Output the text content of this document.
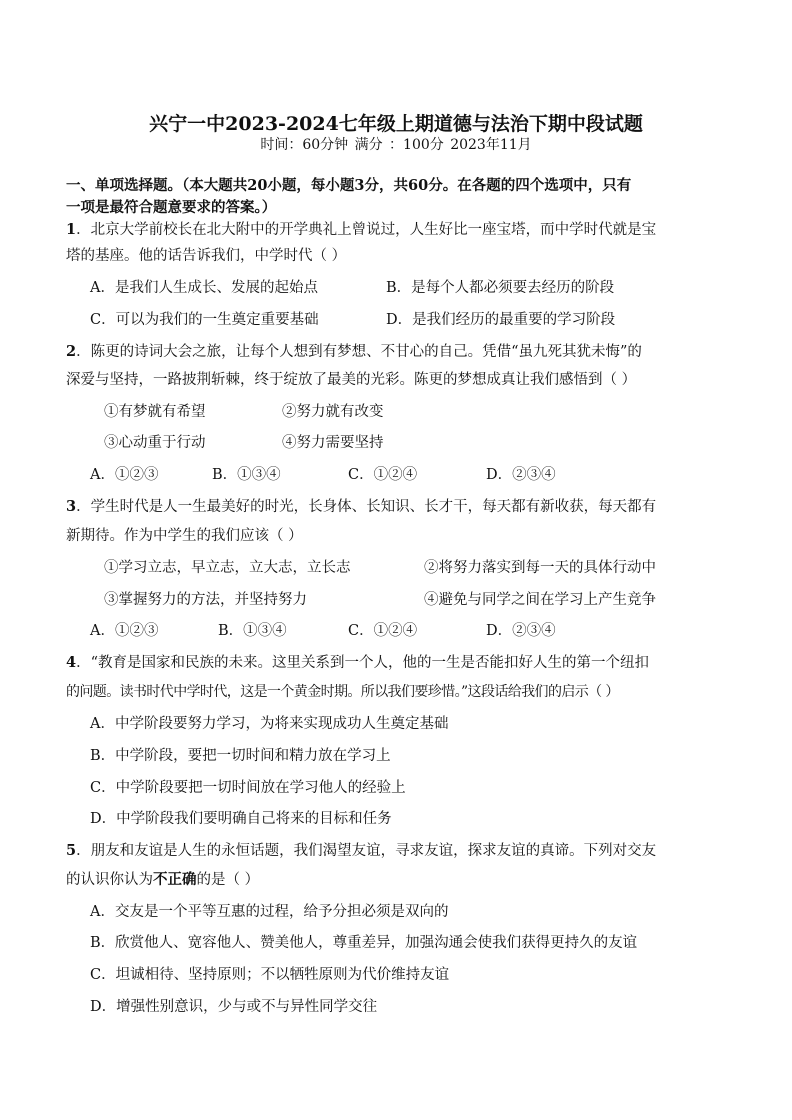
兴宁一中2023-2024七年级上期道德与法治下期中段试题
时间：60分钟 满分 ：100分 2023年11月
一、单项选择题。（本大题共20小题，每小题3分，共60分。在各题的四个选项中，只有
一项是最符合题意要求的答案。）
1．北京大学前校长在北大附中的开学典礼上曾说过，人生好比一座宝塔，而中学时代就是宝
塔的基座。他的话告诉我们，中学时代（ ）
A．是我们人生成长、发展的起始点	B．是每个人都必须要去经历的阶段
C．可以为我们的一生奠定重要基础	D．是我们经历的最重要的学习阶段
2．陈更的诗词大会之旅，让每个人想到有梦想、不甘心的自己。凭借“虽九死其犹未悔”的
深爱与坚持，一路披荆斩棘，终于绽放了最美的光彩。陈更的梦想成真让我们感悟到（ ）
①有梦就有希望	②努力就有改变
③心动重于行动	④努力需要坚持
A．①②③	B．①③④	C．①②④	D．②③④
3．学生时代是人一生最美好的时光，长身体、长知识、长才干，每天都有新收获，每天都有
新期待。作为中学生的我们应该（ ）
①学习立志，早立志，立大志，立长志	②将努力落实到每一天的具体行动中
③掌握努力的方法，并坚持努力	④避免与同学之间在学习上产生竞争
A．①②③	B．①③④	C．①②④	D．②③④
4．“教育是国家和民族的未来。这里关系到一个人，他的一生是否能扣好人生的第一个纽扣
的问题。读书时代中学时代，这是一个黄金时期。所以我们要珍惜。”这段话给我们的启示（ ）
A．中学阶段要努力学习，为将来实现成功人生奠定基础
B．中学阶段，要把一切时间和精力放在学习上
C．中学阶段要把一切时间放在学习他人的经验上
D．中学阶段我们要明确自己将来的目标和任务
5．朋友和友谊是人生的永恒话题，我们渴望友谊，寻求友谊，探求友谊的真谛。下列对交友
的认识你认为不正确的是（ ）
A．交友是一个平等互惠的过程，给予分担必须是双向的
B．欣赏他人、宽容他人、赞美他人，尊重差异，加强沟通会使我们获得更持久的友谊
C．坦诚相待、坚持原则；不以牺牲原则为代价维持友谊
D．增强性别意识，少与或不与异性同学交往
